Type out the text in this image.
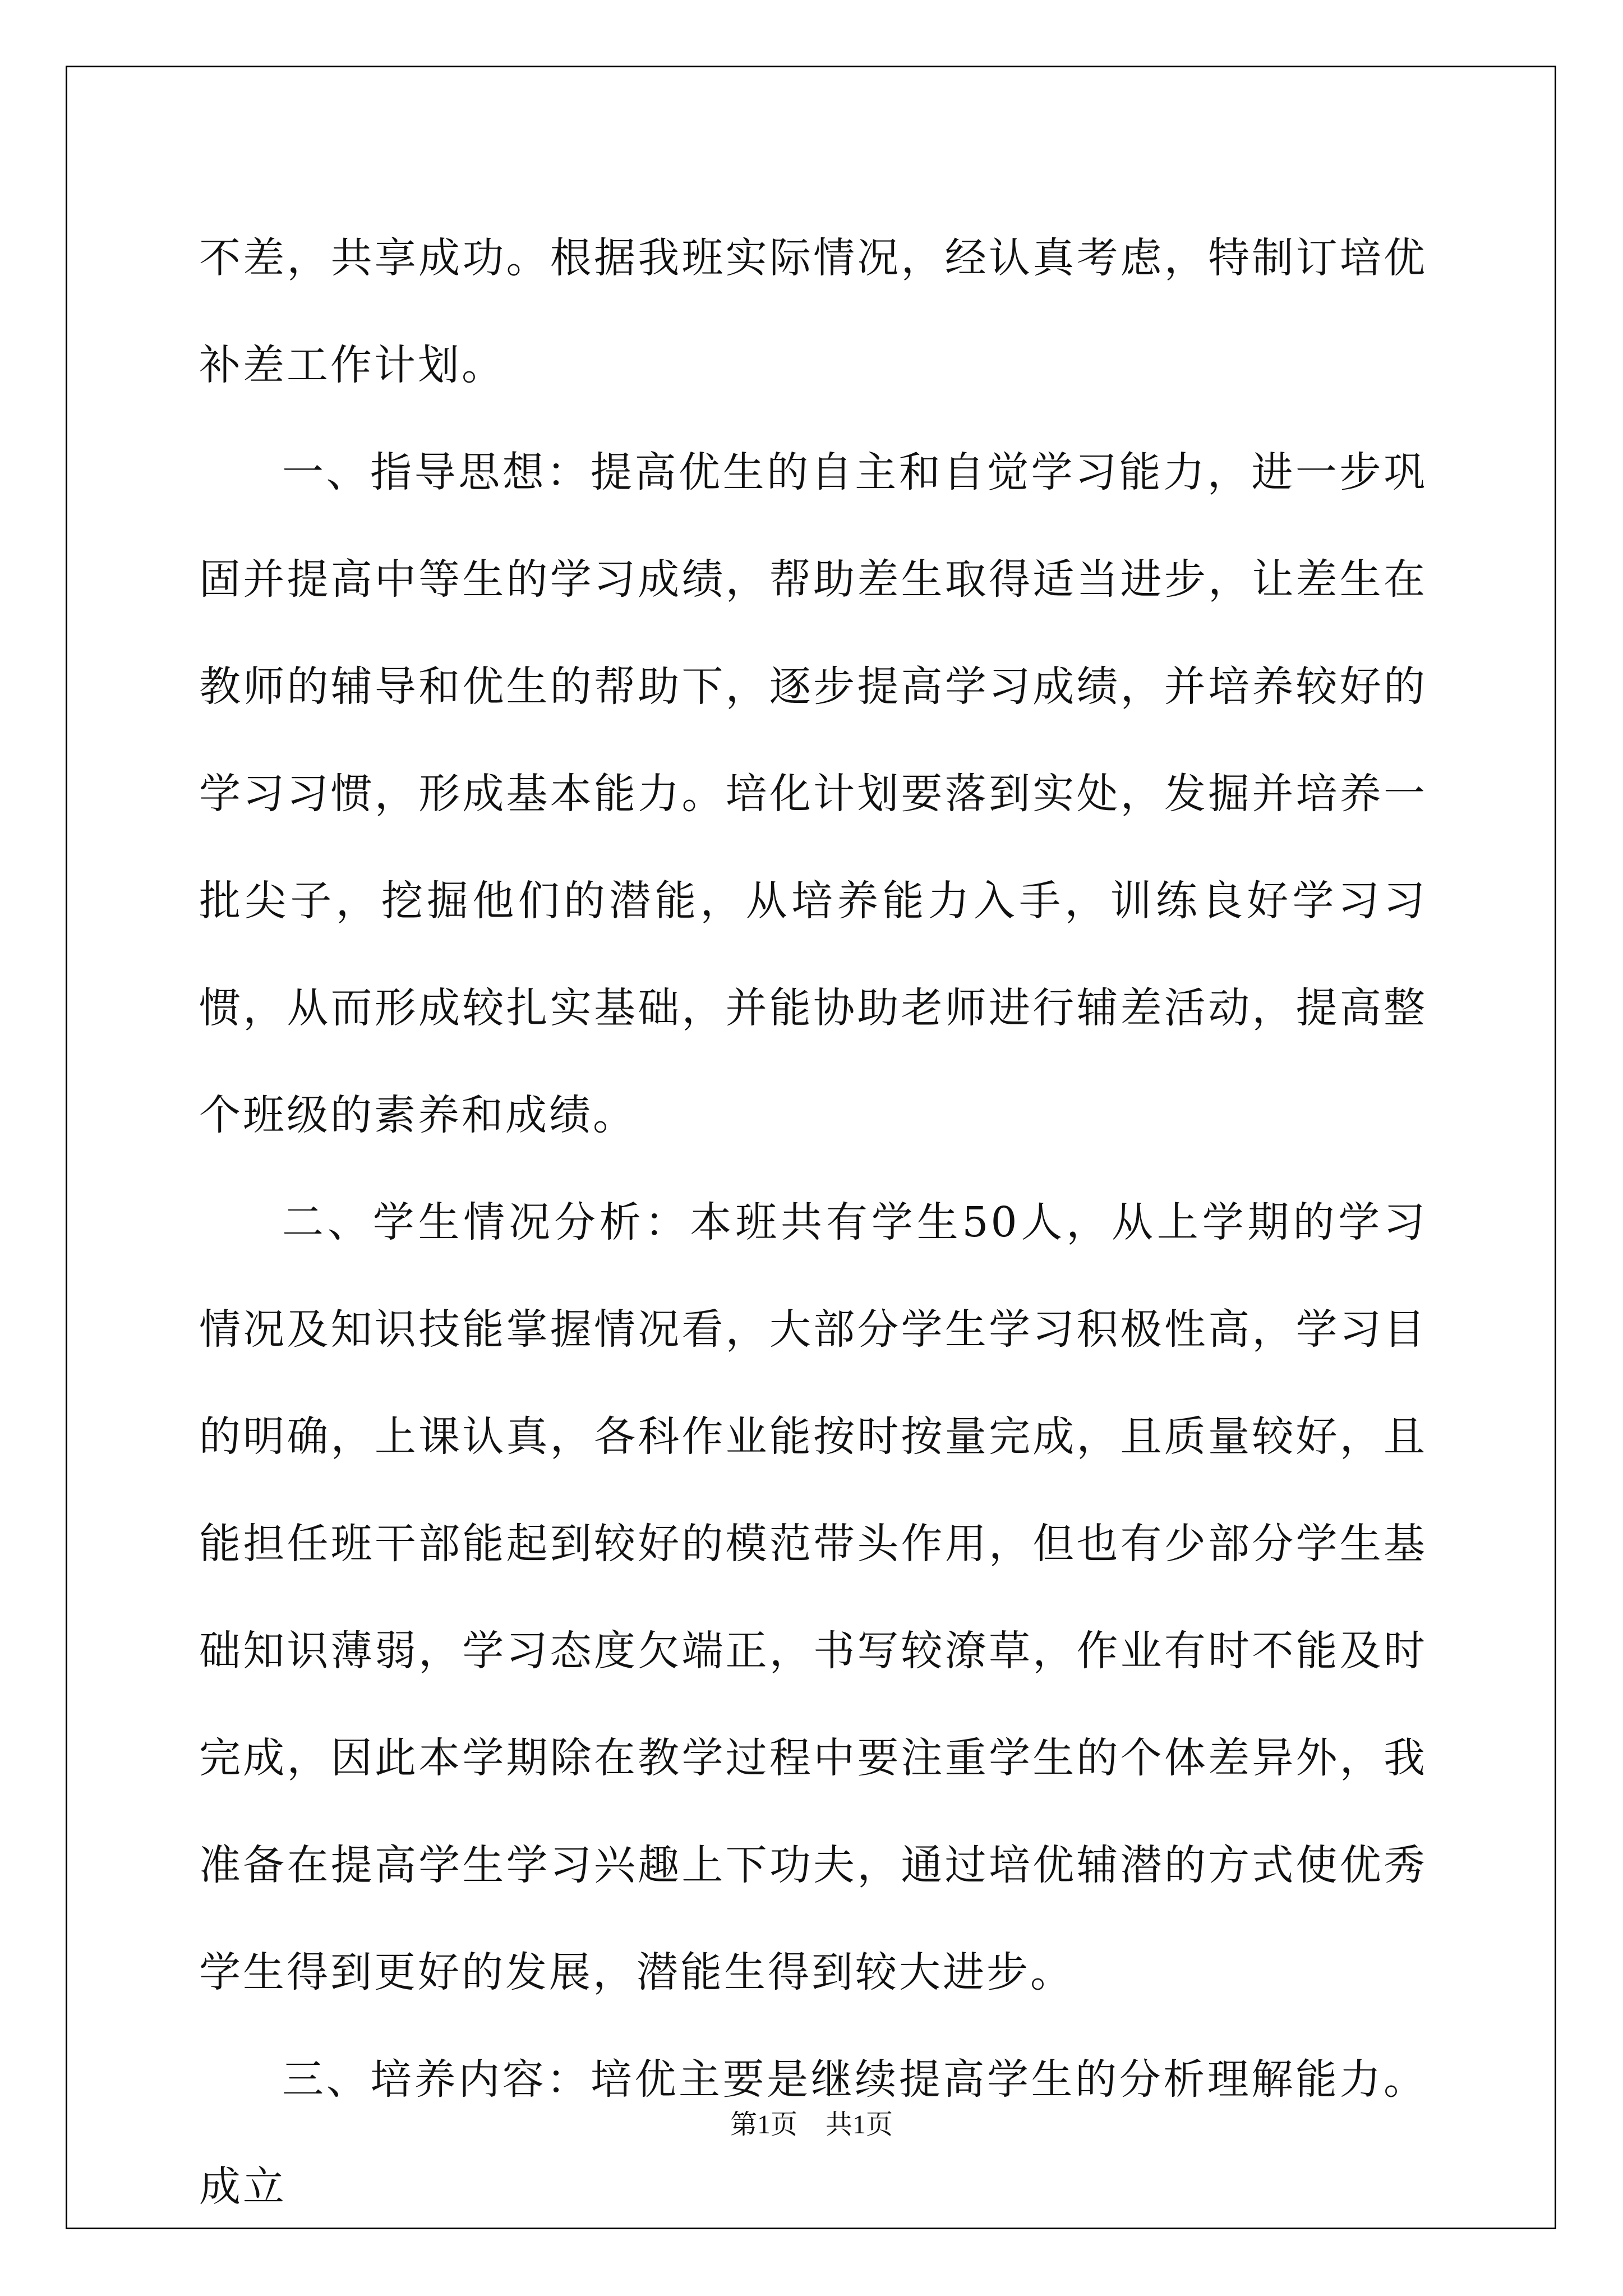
不差，共享成功。根据我班实际情况，经认真考虑，特制订培优补差工作计划。

一、指导思想：提高优生的自主和自觉学习能力，进一步巩固并提高中等生的学习成绩，帮助差生取得适当进步，让差生在教师的辅导和优生的帮助下，逐步提高学习成绩，并培养较好的学习习惯，形成基本能力。培化计划要落到实处，发掘并培养一批尖子，挖掘他们的潜能，从培养能力入手，训练良好学习习惯，从而形成较扎实基础，并能协助老师进行辅差活动，提高整个班级的素养和成绩。

二、学生情况分析：本班共有学生50人，从上学期的学习情况及知识技能掌握情况看，大部分学生学习积极性高，学习目的明确，上课认真，各科作业能按时按量完成，且质量较好，且能担任班干部能起到较好的模范带头作用，但也有少部分学生基础知识薄弱，学习态度欠端正，书写较潦草，作业有时不能及时完成，因此本学期除在教学过程中要注重学生的个体差异外，我准备在提高学生学习兴趣上下功夫，通过培优辅潜的方式使优秀学生得到更好的发展，潜能生得到较大进步。

三、培养内容：培优主要是继续提高学生的分析理解能力。成立

第1页 共1页
